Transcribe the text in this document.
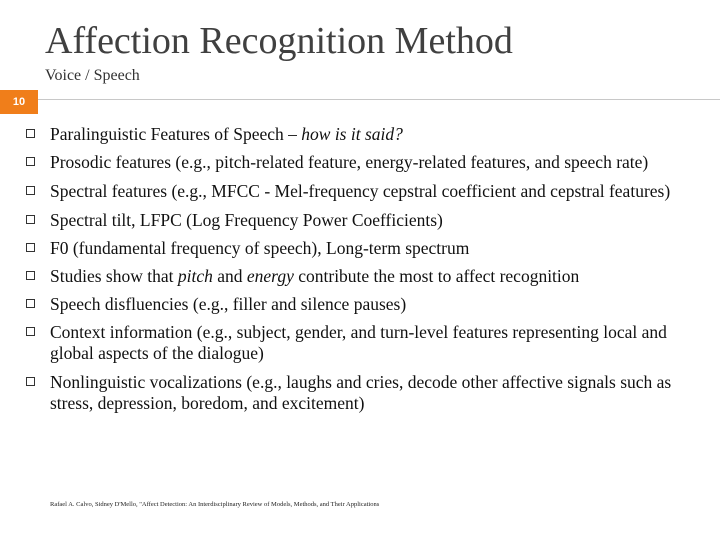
Affection Recognition Method
Voice / Speech
10
Paralinguistic Features of Speech – how is it said?
Prosodic features (e.g., pitch-related feature, energy-related features, and speech rate)
Spectral features (e.g., MFCC - Mel-frequency cepstral coefficient and cepstral features)
Spectral tilt, LFPC (Log Frequency Power Coefficients)
F0 (fundamental frequency of speech), Long-term spectrum
Studies show that pitch and energy contribute the most to affect recognition
Speech disfluencies (e.g., filler and silence pauses)
Context information (e.g., subject, gender, and turn-level features representing local and global aspects of the dialogue)
Nonlinguistic vocalizations (e.g., laughs and cries, decode other affective signals such as stress, depression, boredom, and excitement)
Rafael A. Calvo, Sidney D'Mello, "Affect Detection: An Interdisciplinary Review of Models, Methods, and Their Applications
